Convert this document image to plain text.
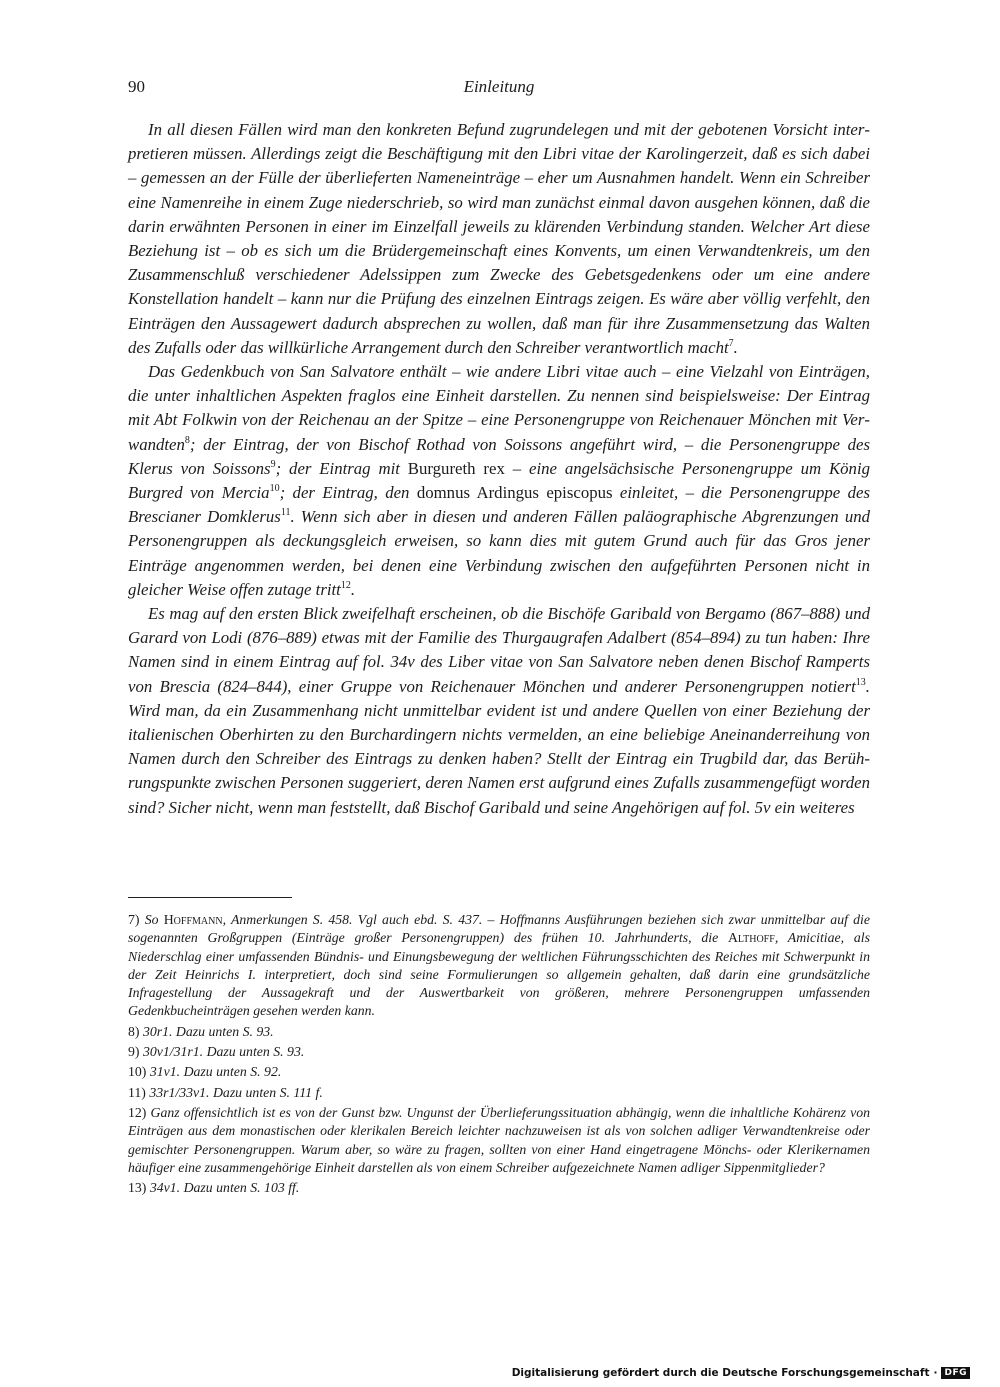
90	Einleitung

In all diesen Fällen wird man den konkreten Befund zugrundelegen und mit der gebotenen Vorsicht interpretieren müssen. Allerdings zeigt die Beschäftigung mit den Libri vitae der Karolingerzeit, daß es sich dabei – gemessen an der Fülle der überlieferten Nameneinträge – eher um Ausnahmen handelt. Wenn ein Schreiber eine Namenreihe in einem Zuge niederschrieb, so wird man zunächst einmal davon ausgehen können, daß die darin erwähnten Personen in einer im Einzelfall jeweils zu klärenden Verbindung standen. Welcher Art diese Beziehung ist – ob es sich um die Brüdergemeinschaft eines Konvents, um einen Verwandtenkreis, um den Zusammenschluß verschiedener Adelssippen zum Zwecke des Gebetsgedenkens oder um eine andere Konstellation handelt – kann nur die Prüfung des einzelnen Eintrags zeigen. Es wäre aber völlig verfehlt, den Einträgen den Aussagewert dadurch absprechen zu wollen, daß man für ihre Zusammensetzung das Walten des Zufalls oder das willkürliche Arrangement durch den Schreiber verantwortlich macht$^7$.

Das Gedenkbuch von San Salvatore enthält – wie andere Libri vitae auch – eine Vielzahl von Einträgen, die unter inhaltlichen Aspekten fraglos eine Einheit darstellen. Zu nennen sind beispielsweise: Der Eintrag mit Abt Folkwin von der Reichenau an der Spitze – eine Personengruppe von Reichenauer Mönchen mit Verwandten$^8$; der Eintrag, der von Bischof Rothad von Soissons angeführt wird, – die Personengruppe des Klerus von Soissons$^9$; der Eintrag mit Burgureth rex – eine angelsächsische Personengruppe um König Burgred von Mercia$^{10}$; der Eintrag, den domnus Ardingus episcopus einleitet, – die Personengruppe des Brescianer Domklerus$^{11}$. Wenn sich aber in diesen und anderen Fällen paläographische Abgrenzungen und Personengruppen als deckungsgleich erweisen, so kann dies mit gutem Grund auch für das Gros jener Einträge angenommen werden, bei denen eine Verbindung zwischen den aufgeführten Personen nicht in gleicher Weise offen zutage tritt$^{12}$.

Es mag auf den ersten Blick zweifelhaft erscheinen, ob die Bischöfe Garibald von Bergamo (867–888) und Garard von Lodi (876–889) etwas mit der Familie des Thurgaugrafen Adalbert (854–894) zu tun haben: Ihre Namen sind in einem Eintrag auf fol. 34v des Liber vitae von San Salvatore neben denen Bischof Ramperts von Brescia (824–844), einer Gruppe von Reichenauer Mönchen und anderer Personengruppen notiert$^{13}$. Wird man, da ein Zusammenhang nicht unmittelbar evident ist und andere Quellen von einer Beziehung der italienischen Oberhirten zu den Burchardingern nichts vermelden, an eine beliebige Aneinanderreihung von Namen durch den Schreiber des Eintrags zu denken haben? Stellt der Eintrag ein Trugbild dar, das Berührungspunkte zwischen Personen suggeriert, deren Namen erst aufgrund eines Zufalls zusammengefügt worden sind? Sicher nicht, wenn man feststellt, daß Bischof Garibald und seine Angehörigen auf fol. 5v ein weiteres

7) So Hoffmann, Anmerkungen S. 458. Vgl auch ebd. S. 437. – Hoffmanns Ausführungen beziehen sich zwar unmittelbar auf die sogenannten Großgruppen (Einträge großer Personengruppen) des frühen 10. Jahrhunderts, die Althoff, Amicitiae, als Niederschlag einer umfassenden Bündnis- und Einungsbewegung der weltlichen Führungsschichten des Reiches mit Schwerpunkt in der Zeit Heinrichs I. interpretiert, doch sind seine Formulierungen so allgemein gehalten, daß darin eine grundsätzliche Infragestellung der Aussagekraft und der Auswertbarkeit von größeren, mehrere Personengruppen umfassenden Gedenkbucheinträgen gesehen werden kann.
8) 30r1. Dazu unten S. 93.
9) 30v1/31r1. Dazu unten S. 93.
10) 31v1. Dazu unten S. 92.
11) 33r1/33v1. Dazu unten S. 111 f.
12) Ganz offensichtlich ist es von der Gunst bzw. Ungunst der Überlieferungssituation abhängig, wenn die inhaltliche Kohärenz von Einträgen aus dem monastischen oder klerikalen Bereich leichter nachzuweisen ist als von solchen adliger Verwandtenkreise oder gemischter Personengruppen. Warum aber, so wäre zu fragen, sollten von einer Hand eingetragene Mönchs- oder Klerikernamen häufiger eine zusammengehörige Einheit darstellen als von einem Schreiber aufgezeichnete Namen adliger Sippenmitglieder?
13) 34v1. Dazu unten S. 103 ff.
Digitalisierung gefördert durch die Deutsche Forschungsgemeinschaft · DFG
